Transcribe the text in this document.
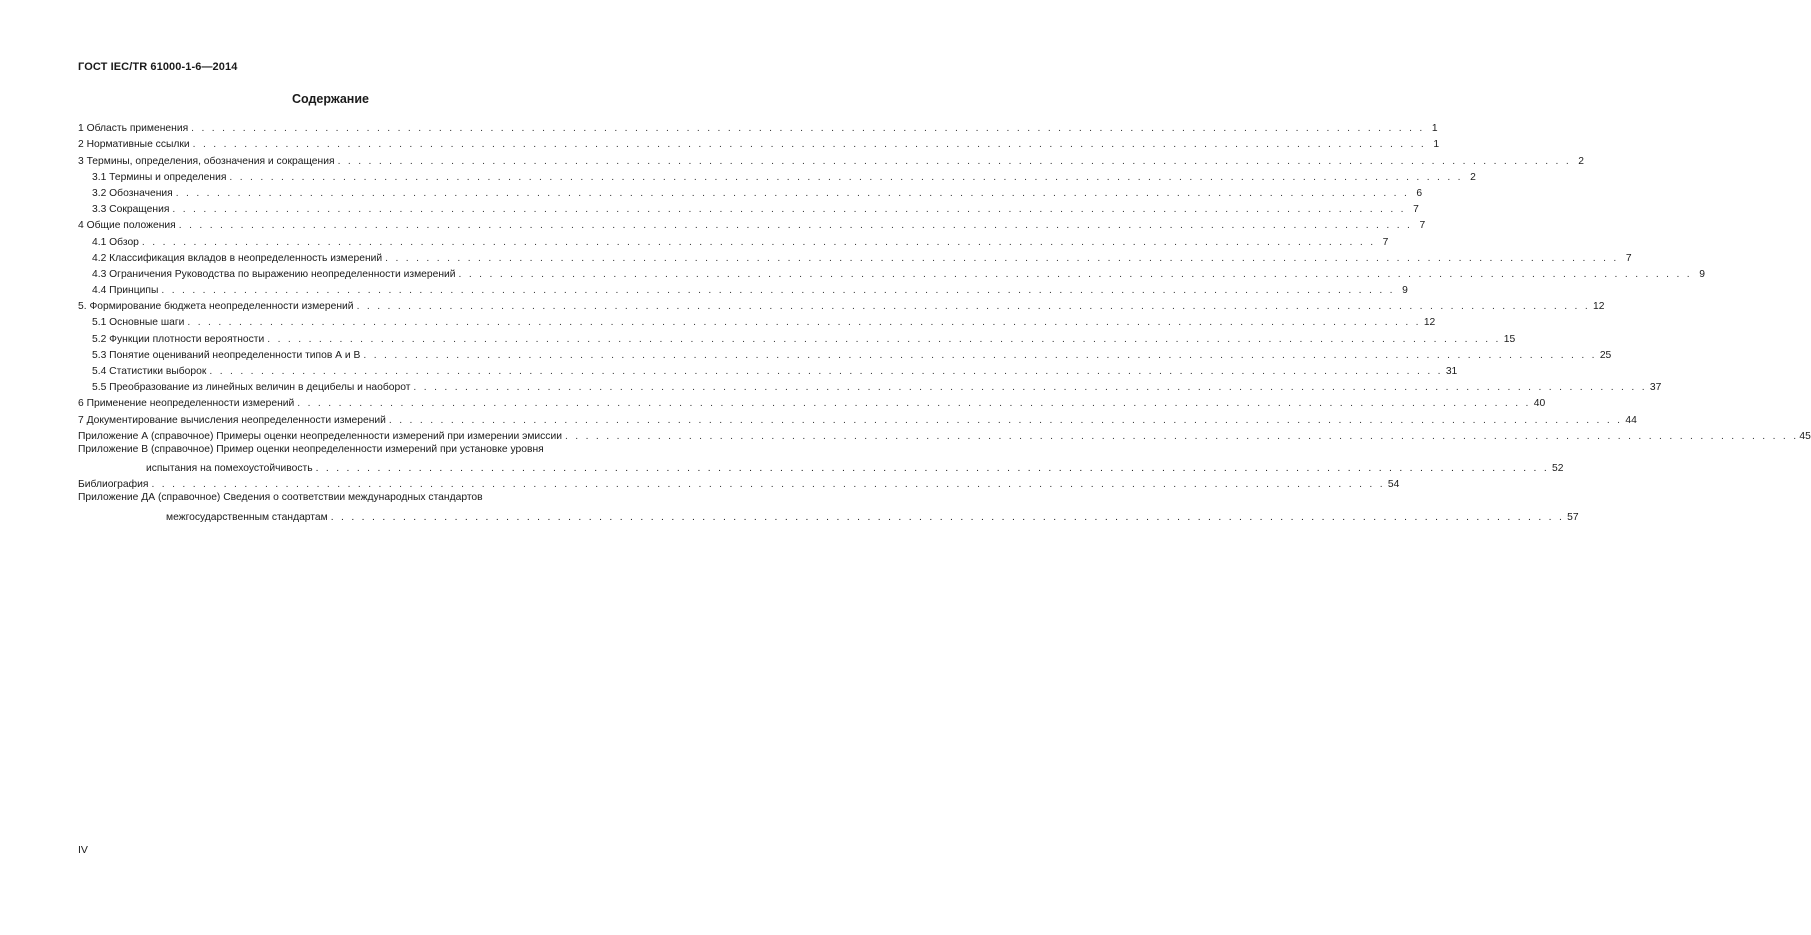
ГОСТ IEC/TR 61000-1-6—2014
Содержание
1 Область применения . . . . . . . . . . . . . . . . . . . . . . . . . . . . . . . . . . . . . . . . . . . . . . . . . . . . . . . . . . . . . . . . . . . . . . . . . . . . . . . . . . . . . . . . . . . . . . . . . . . . . . . . . . . . . . . . . . . . . . . . 1
2 Нормативные ссылки . . . . . . . . . . . . . . . . . . . . . . . . . . . . . . . . . . . . . . . . . . . . . . . . . . . . . . . . . . . . . . . . . . . . . . . . . . . . . . . . . . . . . . . . . . . . . . . . . . . . . . . . . . . . . . . . . . . . . . . . 1
3 Термины, определения, обозначения и сокращения . . . . . . . . . . . . . . . . . . . . . . . . . . . . . . . . . . . . . . . . . . . . . . . . . . . . . . . . . . . . . . . . . . . . . . . . . . . . . . . . . . . . . . . . . . . . . . . . . . . . . . . . . . . . . . . . . . . . . . . . 2
3.1 Термины и определения . . . . . . . . . . . . . . . . . . . . . . . . . . . . . . . . . . . . . . . . . . . . . . . . . . . . . . . . . . . . . . . . . . . . . . . . . . . . . . . . . . . . . . . . . . . . . . . . . . . . . . . . . . . . . . . . . . . . . . . . 2
3.2 Обозначения . . . . . . . . . . . . . . . . . . . . . . . . . . . . . . . . . . . . . . . . . . . . . . . . . . . . . . . . . . . . . . . . . . . . . . . . . . . . . . . . . . . . . . . . . . . . . . . . . . . . . . . . . . . . . . . . . . . . . . . . 6
3.3 Сокращения . . . . . . . . . . . . . . . . . . . . . . . . . . . . . . . . . . . . . . . . . . . . . . . . . . . . . . . . . . . . . . . . . . . . . . . . . . . . . . . . . . . . . . . . . . . . . . . . . . . . . . . . . . . . . . . . . . . . . . . . 7
4 Общие положения . . . . . . . . . . . . . . . . . . . . . . . . . . . . . . . . . . . . . . . . . . . . . . . . . . . . . . . . . . . . . . . . . . . . . . . . . . . . . . . . . . . . . . . . . . . . . . . . . . . . . . . . . . . . . . . . . . . . . . . . 7
4.1 Обзор . . . . . . . . . . . . . . . . . . . . . . . . . . . . . . . . . . . . . . . . . . . . . . . . . . . . . . . . . . . . . . . . . . . . . . . . . . . . . . . . . . . . . . . . . . . . . . . . . . . . . . . . . . . . . . . . . . . . . . . . 7
4.2 Классификация вкладов в неопределенность измерений . . . . . . . . . . . . . . . . . . . . . . . . . . . . . . . . . . . . . . . . . . . . . . . . . . . . . . . . . . . . . . . . . . . . . . . . . . . . . . . . . . . . . . . . . . . . . . . . . . . . . . . . . . . . . . . . . . . . . . . . 7
4.3 Ограничения Руководства по выражению неопределенности измерений . . . . . . . . . . . . . . . . . . . . . . . . . . . . . . . . . . . . . . . . . . . . . . . . . . . . . . . . . . . . . . . . . . . . . . . . . . . . . . . . . . . . . . . . . . . . . . . . . . . . . . . . . . . . . . . . . . . . . . . . 9
4.4 Принципы . . . . . . . . . . . . . . . . . . . . . . . . . . . . . . . . . . . . . . . . . . . . . . . . . . . . . . . . . . . . . . . . . . . . . . . . . . . . . . . . . . . . . . . . . . . . . . . . . . . . . . . . . . . . . . . . . . . . . . . . 9
5. Формирование бюджета неопределенности измерений . . . . . . . . . . . . . . . . . . . . . . . . . . . . . . . . . . . . . . . . . . . . . . . . . . . . . . . . . . . . . . . . . . . . . . . . . . . . . . . . . . . . . . . . . . . . . . . . . . . . . . . . . . . . . . . . . . . . . . . . 12
5.1 Основные шаги . . . . . . . . . . . . . . . . . . . . . . . . . . . . . . . . . . . . . . . . . . . . . . . . . . . . . . . . . . . . . . . . . . . . . . . . . . . . . . . . . . . . . . . . . . . . . . . . . . . . . . . . . . . . . . . . . . . . . . . . 12
5.2 Функции плотности вероятности . . . . . . . . . . . . . . . . . . . . . . . . . . . . . . . . . . . . . . . . . . . . . . . . . . . . . . . . . . . . . . . . . . . . . . . . . . . . . . . . . . . . . . . . . . . . . . . . . . . . . . . . . . . . . . . . . . . . . . . . 15
5.3 Понятие оцениваний неопределенности типов А и В . . . . . . . . . . . . . . . . . . . . . . . . . . . . . . . . . . . . . . . . . . . . . . . . . . . . . . . . . . . . . . . . . . . . . . . . . . . . . . . . . . . . . . . . . . . . . . . . . . . . . . . . . . . . . . . . . . . . . . . . 25
5.4 Статистики выборок . . . . . . . . . . . . . . . . . . . . . . . . . . . . . . . . . . . . . . . . . . . . . . . . . . . . . . . . . . . . . . . . . . . . . . . . . . . . . . . . . . . . . . . . . . . . . . . . . . . . . . . . . . . . . . . . . . . . . . . . 31
5.5 Преобразование из линейных величин в децибелы и наоборот . . . . . . . . . . . . . . . . . . . . . . . . . . . . . . . . . . . . . . . . . . . . . . . . . . . . . . . . . . . . . . . . . . . . . . . . . . . . . . . . . . . . . . . . . . . . . . . . . . . . . . . . . . . . . . . . . . . . . . . . 37
6 Применение неопределенности измерений . . . . . . . . . . . . . . . . . . . . . . . . . . . . . . . . . . . . . . . . . . . . . . . . . . . . . . . . . . . . . . . . . . . . . . . . . . . . . . . . . . . . . . . . . . . . . . . . . . . . . . . . . . . . . . . . . . . . . . . . 40
7 Документирование вычисления неопределенности измерений . . . . . . . . . . . . . . . . . . . . . . . . . . . . . . . . . . . . . . . . . . . . . . . . . . . . . . . . . . . . . . . . . . . . . . . . . . . . . . . . . . . . . . . . . . . . . . . . . . . . . . . . . . . . . . . . . . . . . . . . 44
Приложение А (справочное) Примеры оценки неопределенности измерений при измерении эмиссии . . . . . . . . . . . . . . . . . . . . . . . . . . . . . . . . . . . . . . . . . . . . . . . . . . . . . . . . . . . . . . . . . . . . . . . . . . . . . . . . . . . . . . . . . . . . . . . . . . . . . . . . . . . . . . . . . . . . . . . . 45
Приложение В (справочное) Пример оценки неопределенности измерений при установке уровня
испытания на помехоустойчивость . . . . . . . . . . . . . . . . . . . . . . . . . . . . . . . . . . . . . . . . . . . . . . . . . . . . . . . . . . . . . . . . . . . . . . . . . . . . . . . . . . . . . . . . . . . . . . . . . . . . . . . . . . . . . . . . . . . . . . . . 52
Библиография . . . . . . . . . . . . . . . . . . . . . . . . . . . . . . . . . . . . . . . . . . . . . . . . . . . . . . . . . . . . . . . . . . . . . . . . . . . . . . . . . . . . . . . . . . . . . . . . . . . . . . . . . . . . . . . . . . . . . . . . 54
Приложение ДА (справочное) Сведения о соответствии международных стандартов
межгосударственным стандартам . . . . . . . . . . . . . . . . . . . . . . . . . . . . . . . . . . . . . . . . . . . . . . . . . . . . . . . . . . . . . . . . . . . . . . . . . . . . . . . . . . . . . . . . . . . . . . . . . . . . . . . . . . . . . . . . . . . . . . . . 57
IV
